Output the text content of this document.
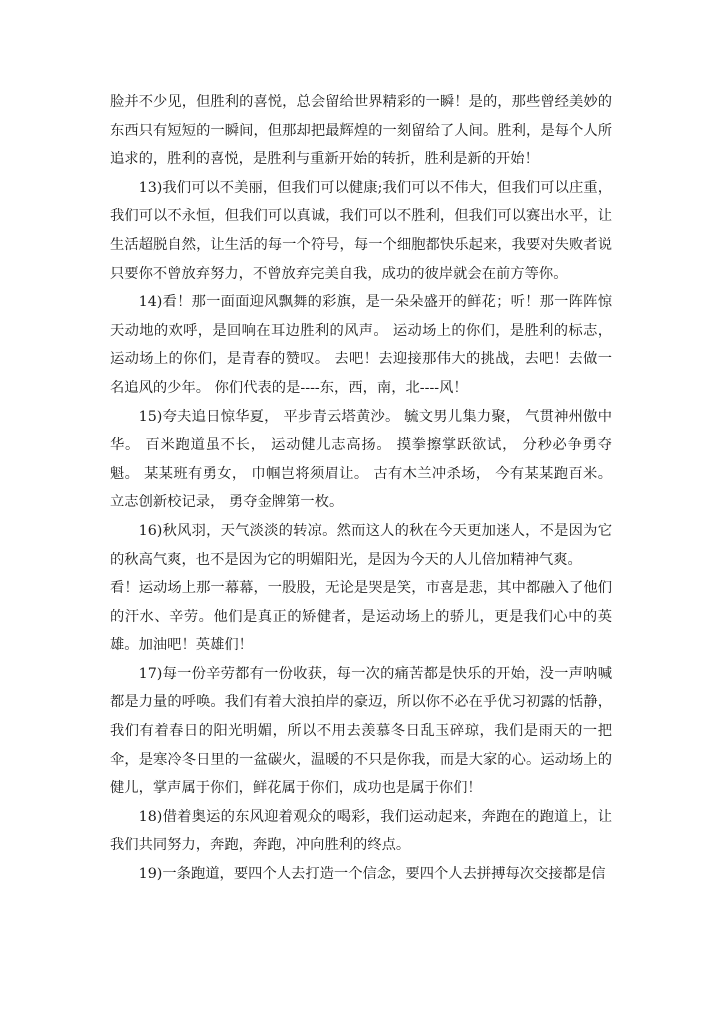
脸并不少见，但胜利的喜悦，总会留给世界精彩的一瞬！是的，那些曾经美妙的东西只有短短的一瞬间，但那却把最辉煌的一刻留给了人间。胜利，是每个人所追求的，胜利的喜悦，是胜利与重新开始的转折，胜利是新的开始！

13)我们可以不美丽，但我们可以健康;我们可以不伟大，但我们可以庄重，我们可以不永恒，但我们可以真诚，我们可以不胜利，但我们可以赛出水平，让生活超脱自然，让生活的每一个符号，每一个细胞都快乐起来，我要对失败者说只要你不曾放弃努力，不曾放弃完美自我，成功的彼岸就会在前方等你。

14)看！那一面面迎风飘舞的彩旗，是一朵朵盛开的鲜花；听！那一阵阵惊天动地的欢呼，是回响在耳边胜利的风声。 运动场上的你们，是胜利的标志，运动场上的你们，是青春的赞叹。 去吧！去迎接那伟大的挑战，去吧！去做一名追风的少年。 你们代表的是----东，西，南，北----风！

15)夸夫追日惊华夏， 平步青云塔黄沙。 毓文男儿集力聚， 气贯神州傲中华。 百米跑道虽不长， 运动健儿志高扬。 摸拳擦掌跃欲试， 分秒必争勇夺魁。 某某班有勇女， 巾帼岂将须眉让。 古有木兰冲杀场， 今有某某跑百米。 立志创新校记录， 勇夺金牌第一枚。

16)秋风羽，天气淡淡的转凉。然而这人的秋在今天更加迷人，不是因为它的秋高气爽，也不是因为它的明媚阳光，是因为今天的人儿倍加精神气爽。

看！运动场上那一幕幕，一股股，无论是哭是笑，市喜是悲，其中都融入了他们的汗水、辛劳。他们是真正的矫健者，是运动场上的骄儿，更是我们心中的英雄。加油吧！英雄们！

17)每一份辛劳都有一份收获，每一次的痛苦都是快乐的开始，没一声呐喊都是力量的呼唤。我们有着大浪拍岸的豪迈，所以你不必在乎优习初露的恬静，我们有着春日的阳光明媚，所以不用去羡慕冬日乱玉碎琼，我们是雨天的一把伞，是寒冷冬日里的一盆碳火，温暖的不只是你我，而是大家的心。运动场上的健儿，掌声属于你们，鲜花属于你们，成功也是属于你们！

18)借着奥运的东风迎着观众的喝彩，我们运动起来，奔跑在的跑道上，让我们共同努力，奔跑，奔跑，冲向胜利的终点。

19)一条跑道，要四个人去打造一个信念，要四个人去拼搏每次交接都是信
